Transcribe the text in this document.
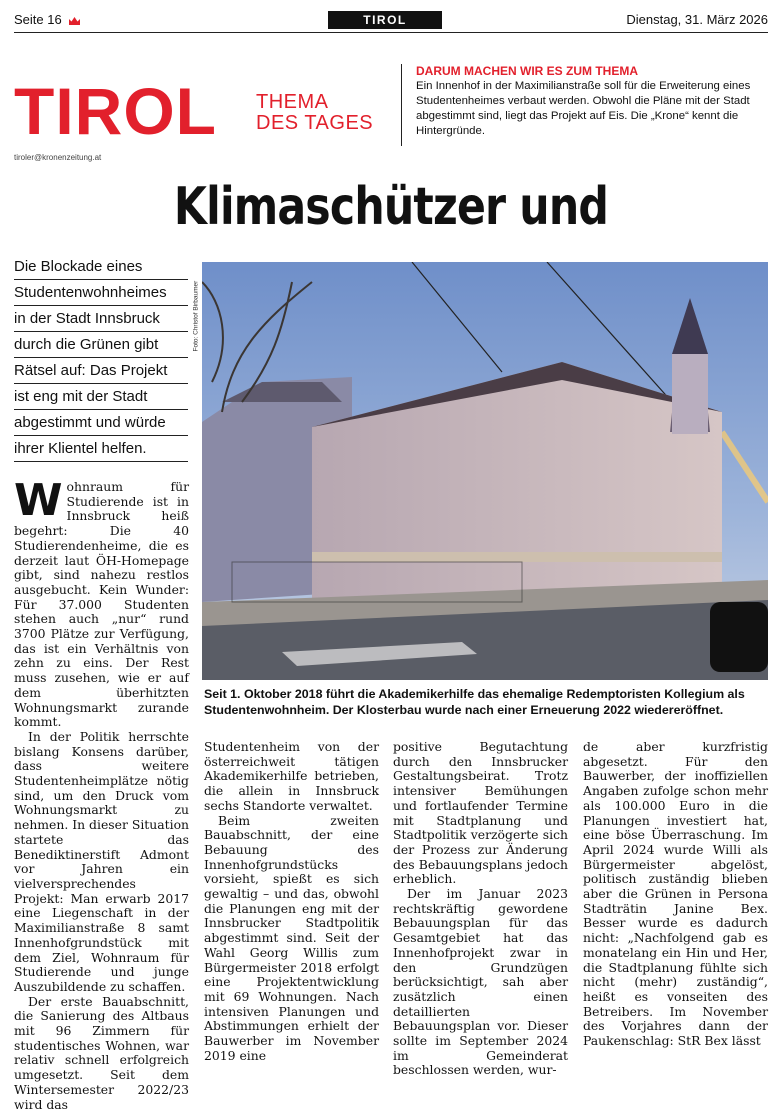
Seite 16	TIROL	Dienstag, 31. März 2026
TIROL THEMA
DES TAGES
DARUM MACHEN WIR ES ZUM THEMA
Ein Innenhof in der Maximilianstraße soll für die Erweiterung eines Studentenheimes verbaut werden. Obwohl die Pläne mit der Stadt abgestimmt sind, liegt das Projekt auf Eis. Die „Krone“ kennt die Hintergründe.
tiroler@kronenzeitung.at
Klimaschützer und
Die Blockade eines
Studentenwohnheimes
in der Stadt Innsbruck
durch die Grünen gibt
Rätsel auf: Das Projekt
ist eng mit der Stadt
abgestimmt und würde
ihrer Klientel helfen.
Foto: Christof Birbaumer
Seit 1. Oktober 2018 führt die Akademikerhilfe das ehemalige Redemptoristen Kollegium als Studentenwohnheim. Der Klosterbau wurde nach einer Erneuerung 2022 wiedereröffnet.

Wohnraum für Studierende ist in Innsbruck heiß begehrt: Die 40 Studierendenheime, die es derzeit laut ÖH-Homepage gibt, sind nahezu restlos ausgebucht. Kein Wunder: Für 37.000 Studenten stehen auch „nur“ rund 3700 Plätze zur Verfügung, das ist ein Verhältnis von zehn zu eins. Der Rest muss zusehen, wie er auf dem überhitzten Wohnungsmarkt zurande kommt.

In der Politik herrschte bislang Konsens darüber, dass weitere Studentenheimplätze nötig sind, um den Druck vom Wohnungsmarkt zu nehmen. In dieser Situation startete das Benediktinerstift Admont vor Jahren ein vielversprechendes Projekt: Man erwarb 2017 eine Liegenschaft in der Maximilianstraße 8 samt Innenhofgrundstück mit dem Ziel, Wohnraum für Studierende und junge Auszubildende zu schaffen.

Der erste Bauabschnitt, die Sanierung des Altbaus mit 96 Zimmern für studentisches Wohnen, war relativ schnell erfolgreich umgesetzt. Seit dem Wintersemester 2022/23 wird das

Studentenheim von der österreichweit tätigen Akademikerhilfe betrieben, die allein in Innsbruck sechs Standorte verwaltet.

Beim zweiten Bauabschnitt, der eine Bebauung des Innenhofgrundstücks vorsieht, spießt es sich gewaltig – und das, obwohl die Planungen eng mit der Innsbrucker Stadtpolitik abgestimmt sind. Seit der Wahl Georg Willis zum Bürgermeister 2018 erfolgt eine Projektentwicklung mit 69 Wohnungen. Nach intensiven Planungen und Abstimmungen erhielt der Bauwerber im November 2019 eine

positive Begutachtung durch den Innsbrucker Gestaltungsbeirat. Trotz intensiver Bemühungen und fortlaufender Termine mit Stadtplanung und Stadtpolitik verzögerte sich der Prozess zur Änderung des Bebauungsplans jedoch erheblich.

Der im Januar 2023 rechtskräftig gewordene Bebauungsplan für das Gesamtgebiet hat das Innenhofprojekt zwar in den Grundzügen berücksichtigt, sah aber zusätzlich einen detaillierten Bebauungsplan vor. Dieser sollte im September 2024 im Gemeinderat beschlossen werden, wur-

de aber kurzfristig abgesetzt. Für den Bauwerber, der inoffiziellen Angaben zufolge schon mehr als 100.000 Euro in die Planungen investiert hat, eine böse Überraschung. Im April 2024 wurde Willi als Bürgermeister abgelöst, politisch zuständig blieben aber die Grünen in Persona Stadträtin Janine Bex. Besser wurde es dadurch nicht: „Nachfolgend gab es monatelang ein Hin und Her, die Stadtplanung fühlte sich nicht (mehr) zuständig“, heißt es vonseiten des Betreibers. Im November des Vorjahres dann der Paukenschlag: StR Bex lässt
